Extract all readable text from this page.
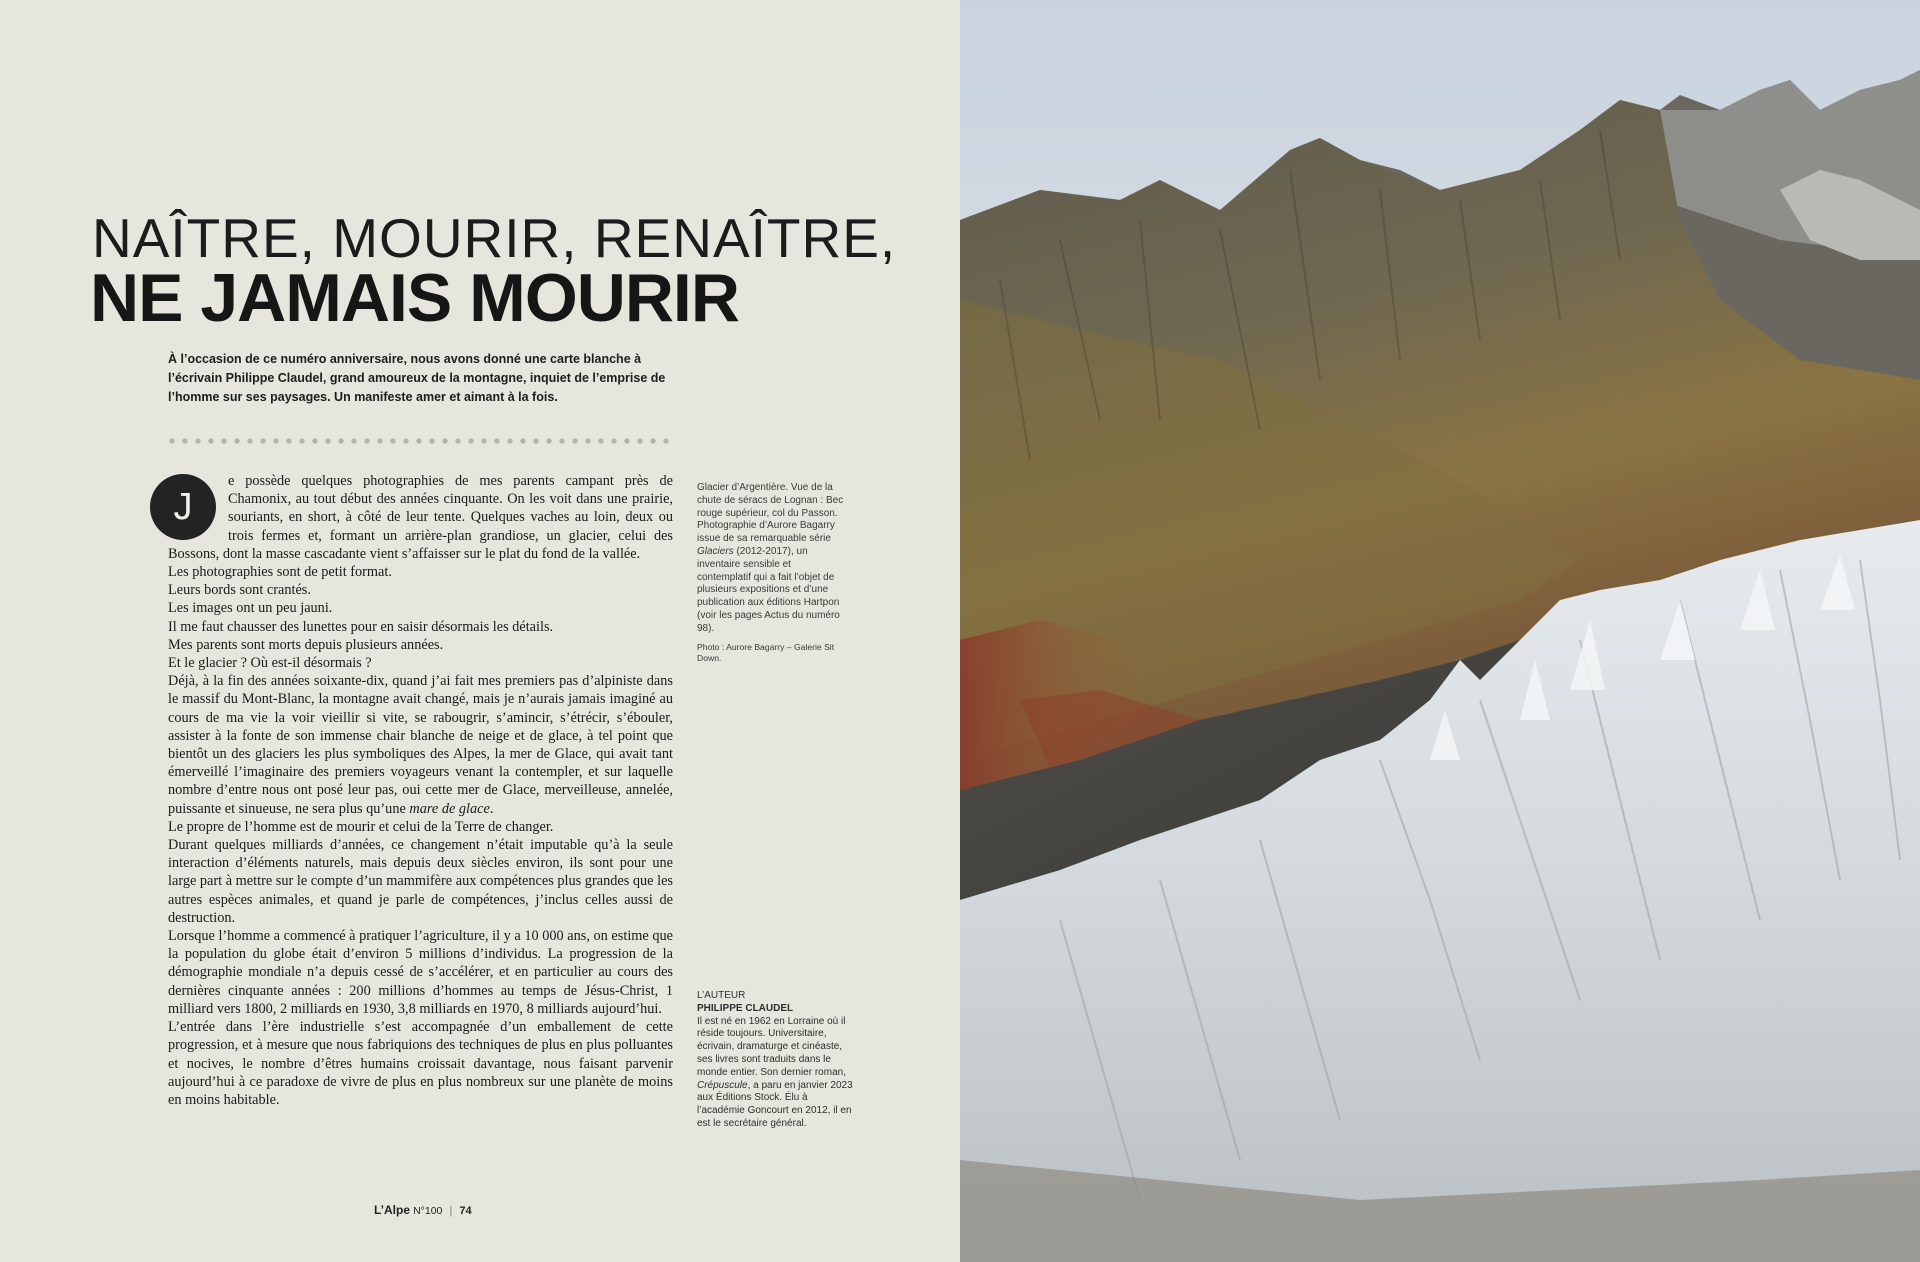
NAÎTRE, MOURIR, RENAÎTRE,
NE JAMAIS MOURIR
À l’occasion de ce numéro anniversaire, nous avons donné une carte blanche à l’écrivain Philippe Claudel, grand amoureux de la montagne, inquiet de l’emprise de l’homme sur ses paysages. Un manifeste amer et aimant à la fois.

J
e possède quelques photographies de mes parents campant près de Chamonix, au tout début des années cinquante. On les voit dans une prairie, souriants, en short, à côté de leur tente. Quelques vaches au loin, deux ou trois fermes et, formant un arrière-plan grandiose, un glacier, celui des Bossons, dont la masse cascadante vient s’affaisser sur le plat du fond de la vallée.

Les photographies sont de petit format.

Leurs bords sont crantés.

Les images ont un peu jauni.

Il me faut chausser des lunettes pour en saisir désormais les détails.

Mes parents sont morts depuis plusieurs années.

Et le glacier ? Où est-il désormais ?

Déjà, à la fin des années soixante-dix, quand j’ai fait mes premiers pas d’alpiniste dans le massif du Mont-Blanc, la montagne avait changé, mais je n’aurais jamais imaginé au cours de ma vie la voir vieillir si vite, se rabougrir, s’amincir, s’étrécir, s’ébouler, assister à la fonte de son immense chair blanche de neige et de glace, à tel point que bientôt un des glaciers les plus symboliques des Alpes, la mer de Glace, qui avait tant émerveillé l’imaginaire des premiers voyageurs venant la contempler, et sur laquelle nombre d’entre nous ont posé leur pas, oui cette mer de Glace, merveilleuse, annelée, puissante et sinueuse, ne sera plus qu’une mare de glace.

Le propre de l’homme est de mourir et celui de la Terre de changer.

Durant quelques milliards d’années, ce changement n’était imputable qu’à la seule interaction d’éléments naturels, mais depuis deux siècles environ, ils sont pour une large part à mettre sur le compte d’un mammifère aux compétences plus grandes que les autres espèces animales, et quand je parle de compétences, j’inclus celles aussi de destruction.

Lorsque l’homme a commencé à pratiquer l’agriculture, il y a 10 000 ans, on estime que la population du globe était d’environ 5 millions d’individus. La progression de la démographie mondiale n’a depuis cessé de s’accélérer, et en particulier au cours des dernières cinquante années : 200 millions d’hommes au temps de Jésus-Christ, 1 milliard vers 1800, 2 milliards en 1930, 3,8 milliards en 1970, 8 milliards aujourd’hui.

L’entrée dans l’ère industrielle s’est accompagnée d’un emballement de cette progression, et à mesure que nous fabriquions des techniques de plus en plus polluantes et nocives, le nombre d’êtres humains croissait davantage, nous faisant parvenir aujourd’hui à ce paradoxe de vivre de plus en plus nombreux sur une planète de moins en moins habitable.

Glacier d’Argentière. Vue de la chute de séracs de Lognan : Bec rouge supérieur, col du Passon. Photographie d’Aurore Bagarry issue de sa remarquable série Glaciers (2012-2017), un inventaire sensible et contemplatif qui a fait l’objet de plusieurs expositions et d’une publication aux éditions Hartpon (voir les pages Actus du numéro 98).
Photo : Aurore Bagarry – Galerie Sit Down.
L’AUTEUR
PHILIPPE CLAUDEL
Il est né en 1962 en Lorraine où il réside toujours. Universitaire, écrivain, dramaturge et cinéaste, ses livres sont traduits dans le monde entier. Son dernier roman, Crépuscule, a paru en janvier 2023 aux Éditions Stock. Élu à l’académie Goncourt en 2012, il en est le secrétaire général.
L’Alpe N°100 | 74
